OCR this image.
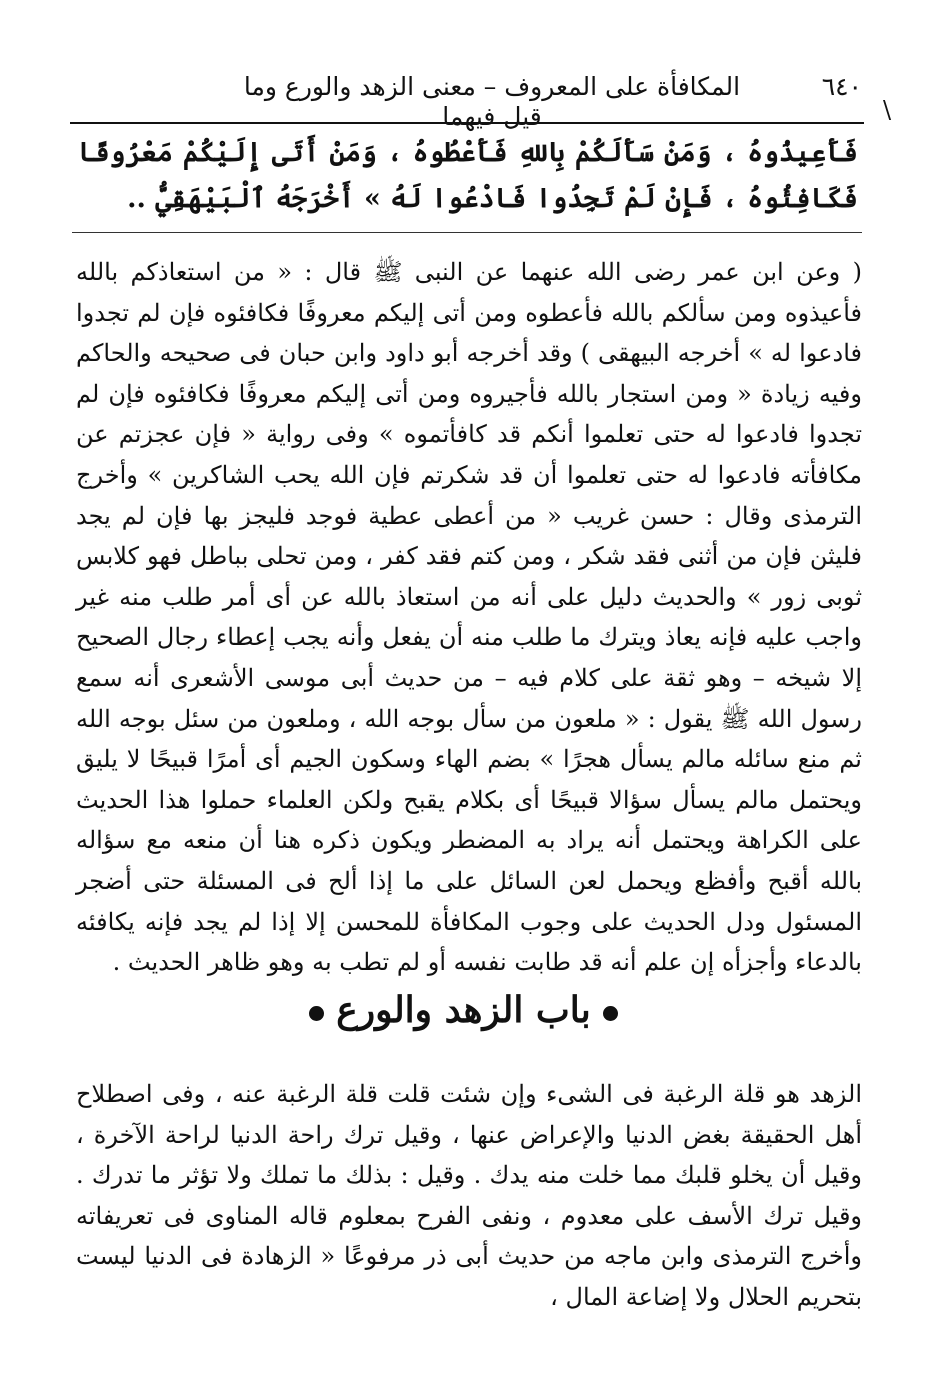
٦٤٠
المكافأة على المعروف – معنى الزهد والورع وما قيل فيهما	\

فَأَعِيذُوهُ ، وَمَنْ سَأَلَكُمْ بِاللهِ فَأَعْطُوهُ ، وَمَنْ أَتَى إِلَيْكُمْ مَعْرُوفًا فَكَافِئُوهُ ، فَإِنْ لَمْ تَجِدُوا فَادْعُوا لَهُ » أَخْرَجَهُ ٱلْبَيْهَقِيُّ ..

( وعن ابن عمر رضى الله عنهما عن النبى ﷺ قال : « من استعاذكم بالله فأعيذوه ومن سألكم بالله فأعطوه ومن أتى إليكم معروفًا فكافئوه فإن لم تجدوا فادعوا له » أخرجه البيهقى ) وقد أخرجه أبو داود وابن حبان فى صحيحه والحاكم وفيه زيادة « ومن استجار بالله فأجيروه ومن أتى إليكم معروفًا فكافئوه فإن لم تجدوا فادعوا له حتى تعلموا أنكم قد كافأتموه » وفى رواية « فإن عجزتم عن مكافأته فادعوا له حتى تعلموا أن قد شكرتم فإن الله يحب الشاكرين » وأخرج الترمذى وقال : حسن غريب « من أعطى عطية فوجد فليجز بها فإن لم يجد فليثن فإن من أثنى فقد شكر ، ومن كتم فقد كفر ، ومن تحلى بباطل فهو كلابس ثوبى زور » والحديث دليل على أنه من استعاذ بالله عن أى أمر طلب منه غير واجب عليه فإنه يعاذ ويترك ما طلب منه أن يفعل وأنه يجب إعطاء رجال الصحيح إلا شيخه – وهو ثقة على كلام فيه – من حديث أبى موسى الأشعرى أنه سمع رسول الله ﷺ يقول : « ملعون من سأل بوجه الله ، وملعون من سئل بوجه الله ثم منع سائله مالم يسأل هجرًا » بضم الهاء وسكون الجيم أى أمرًا قبيحًا لا يليق ويحتمل مالم يسأل سؤالا قبيحًا أى بكلام يقبح ولكن العلماء حملوا هذا الحديث على الكراهة ويحتمل أنه يراد به المضطر ويكون ذكره هنا أن منعه مع سؤاله بالله أقبح وأفظع ويحمل لعن السائل على ما إذا ألح فى المسئلة حتى أضجر المسئول ودل الحديث على وجوب المكافأة للمحسن إلا إذا لم يجد فإنه يكافئه بالدعاء وأجزأه إن علم أنه قد طابت نفسه أو لم تطب به وهو ظاهر الحديث .

باب الزهد والورع

الزهد هو قلة الرغبة فى الشىء وإن شئت قلت قلة الرغبة عنه ، وفى اصطلاح أهل الحقيقة بغض الدنيا والإعراض عنها ، وقيل ترك راحة الدنيا لراحة الآخرة ، وقيل أن يخلو قلبك مما خلت منه يدك . وقيل : بذلك ما تملك ولا تؤثر ما تدرك . وقيل ترك الأسف على معدوم ، ونفى الفرح بمعلوم قاله المناوى فى تعريفاته وأخرج الترمذى وابن ماجه من حديث أبى ذر مرفوعًا « الزهادة فى الدنيا ليست بتحريم الحلال ولا إضاعة المال ،
